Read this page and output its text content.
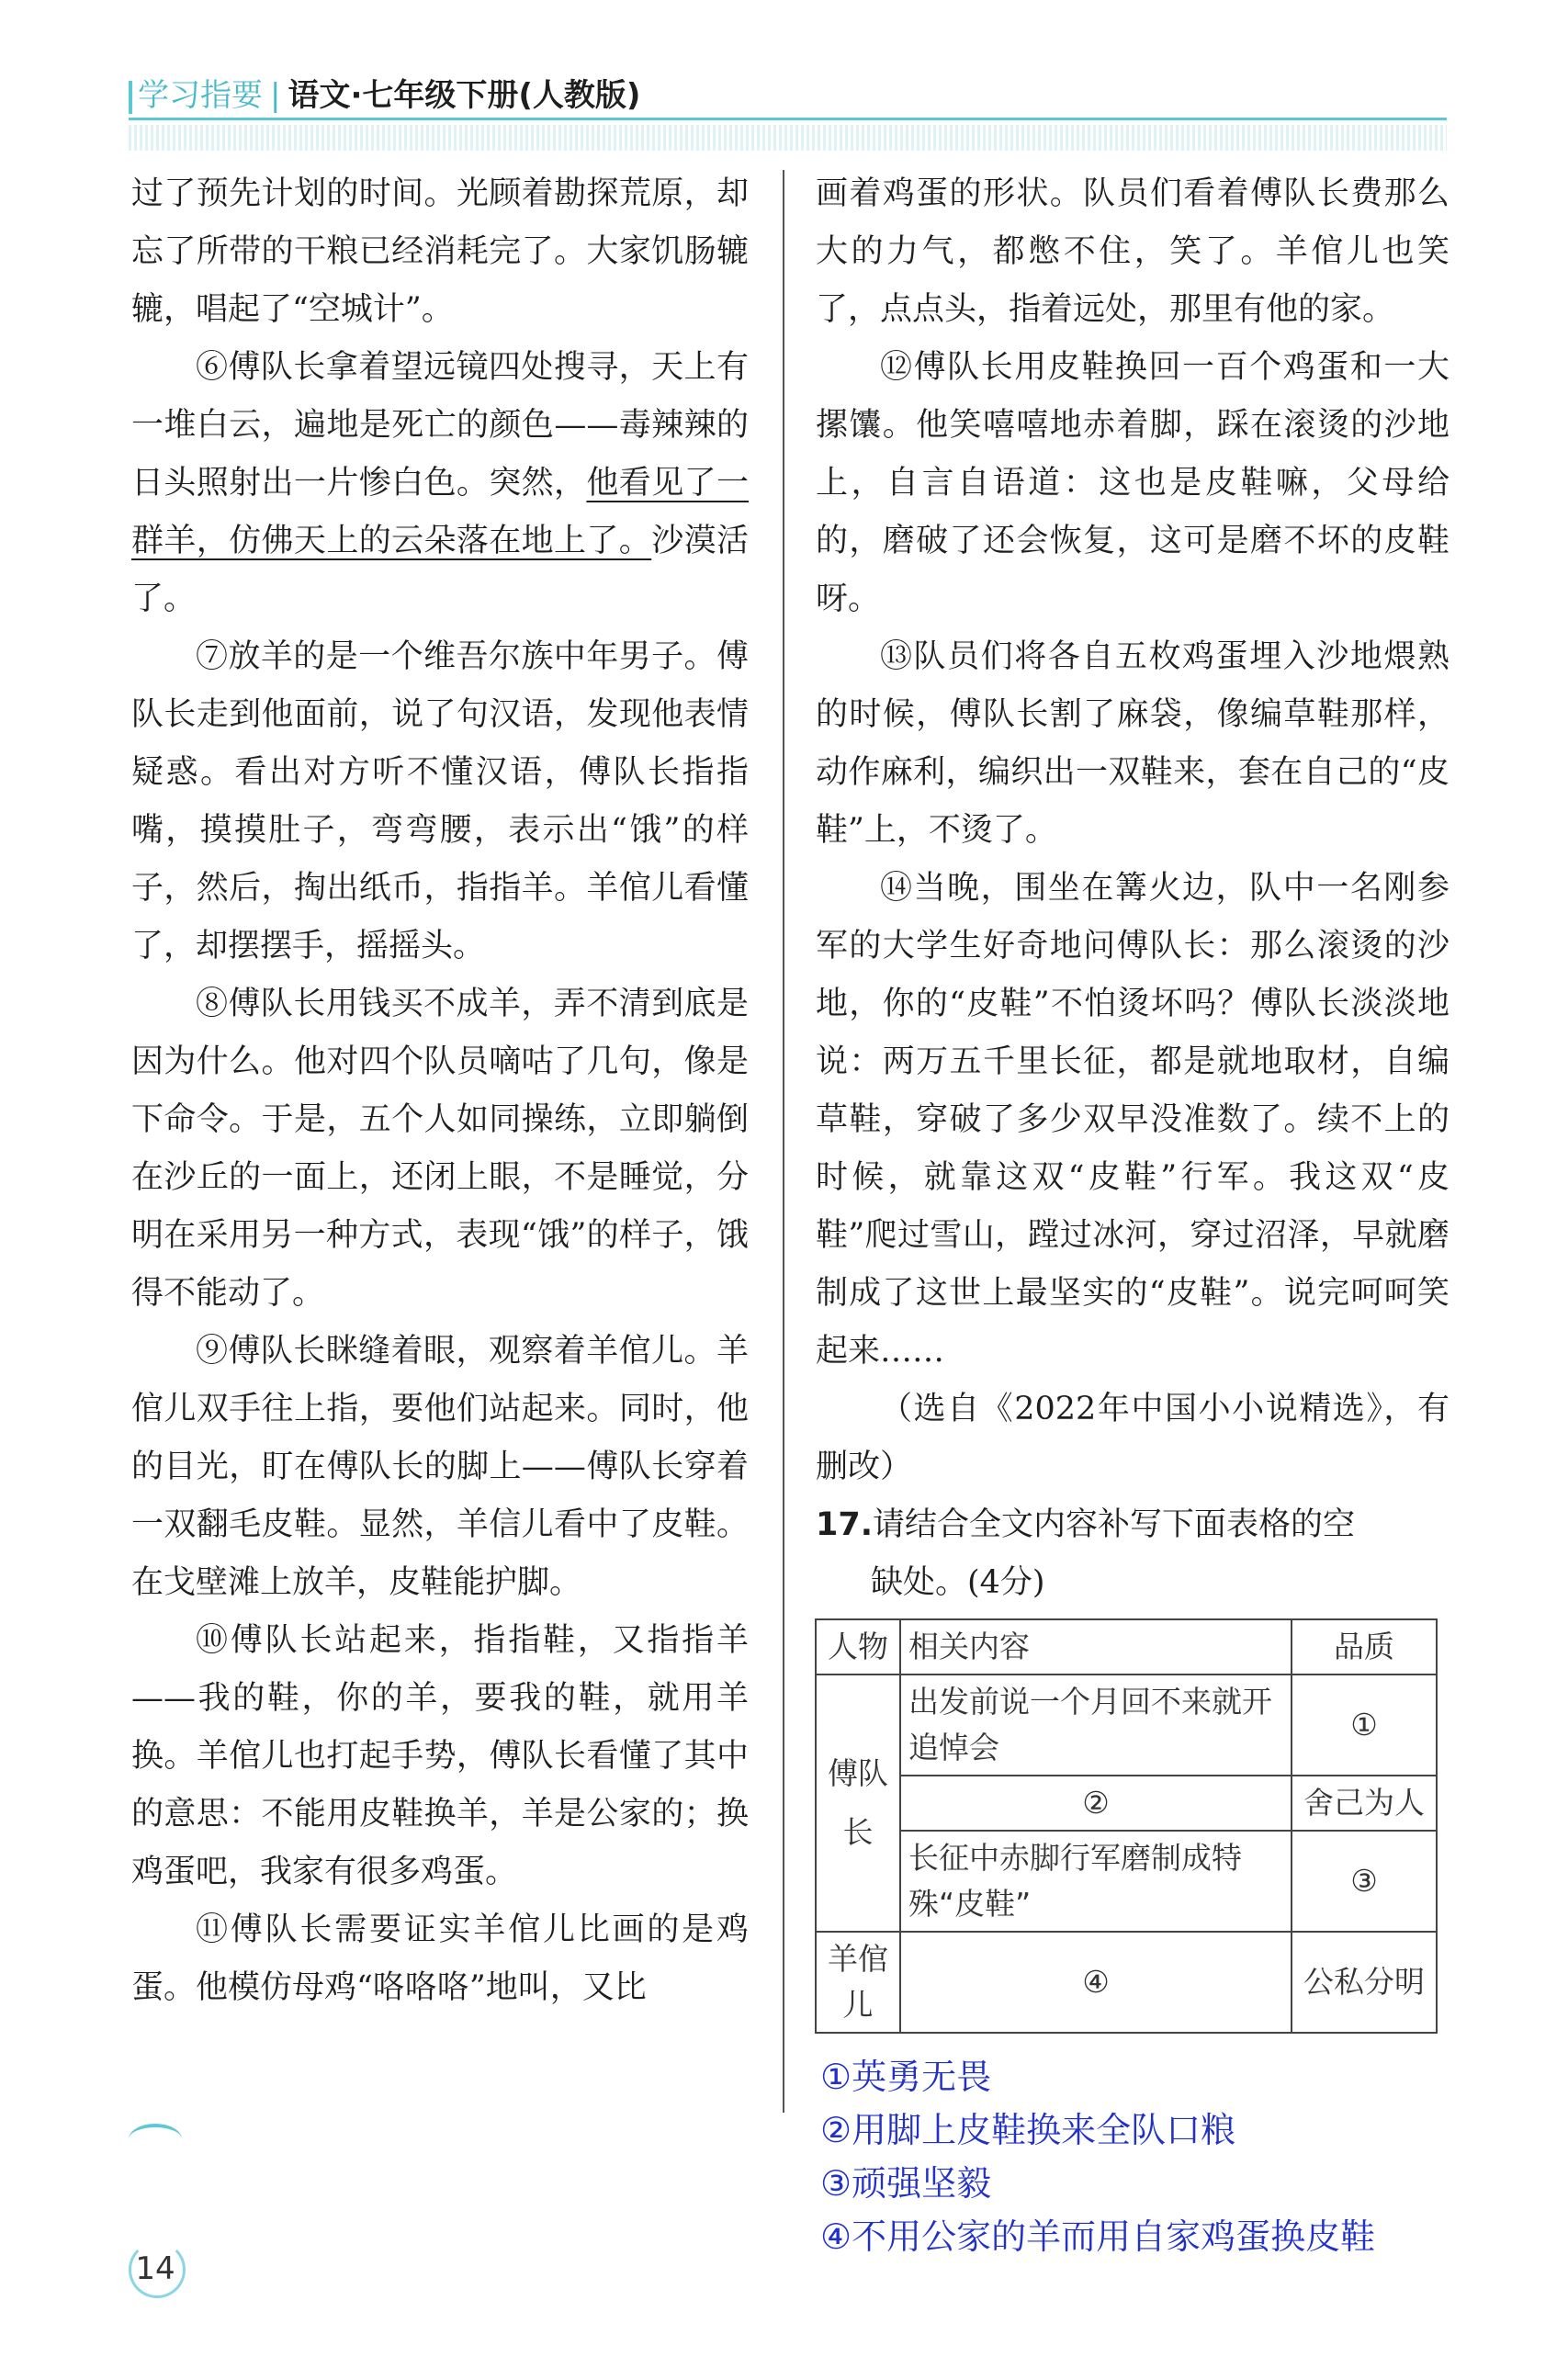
学习指要 | 语文·七年级下册(人教版)

过了预先计划的时间。光顾着勘探荒原，却忘了所带的干粮已经消耗完了。大家饥肠辘辘，唱起了“空城计”。

⑥傅队长拿着望远镜四处搜寻，天上有一堆白云，遍地是死亡的颜色——毒辣辣的日头照射出一片惨白色。突然，他看见了一群羊，仿佛天上的云朵落在地上了。沙漠活了。

⑦放羊的是一个维吾尔族中年男子。傅队长走到他面前，说了句汉语，发现他表情疑惑。看出对方听不懂汉语，傅队长指指嘴，摸摸肚子，弯弯腰，表示出“饿”的样子，然后，掏出纸币，指指羊。羊倌儿看懂了，却摆摆手，摇摇头。

⑧傅队长用钱买不成羊，弄不清到底是因为什么。他对四个队员嘀咕了几句，像是下命令。于是，五个人如同操练，立即躺倒在沙丘的一面上，还闭上眼，不是睡觉，分明在采用另一种方式，表现“饿”的样子，饿得不能动了。

⑨傅队长眯缝着眼，观察着羊倌儿。羊倌儿双手往上指，要他们站起来。同时，他的目光，盯在傅队长的脚上——傅队长穿着一双翻毛皮鞋。显然，羊信儿看中了皮鞋。在戈壁滩上放羊，皮鞋能护脚。

⑩傅队长站起来，指指鞋，又指指羊——我的鞋，你的羊，要我的鞋，就用羊换。羊倌儿也打起手势，傅队长看懂了其中的意思：不能用皮鞋换羊，羊是公家的；换鸡蛋吧，我家有很多鸡蛋。

⑪傅队长需要证实羊倌儿比画的是鸡蛋。他模仿母鸡“咯咯咯”地叫，又比

画着鸡蛋的形状。队员们看着傅队长费那么大的力气，都憋不住，笑了。羊倌儿也笑了，点点头，指着远处，那里有他的家。

⑫傅队长用皮鞋换回一百个鸡蛋和一大摞馕。他笑嘻嘻地赤着脚，踩在滚烫的沙地上，自言自语道：这也是皮鞋嘛，父母给的，磨破了还会恢复，这可是磨不坏的皮鞋呀。

⑬队员们将各自五枚鸡蛋埋入沙地煨熟的时候，傅队长割了麻袋，像编草鞋那样，动作麻利，编织出一双鞋来，套在自己的“皮鞋”上，不烫了。

⑭当晚，围坐在篝火边，队中一名刚参军的大学生好奇地问傅队长：那么滚烫的沙地，你的“皮鞋”不怕烫坏吗？傅队长淡淡地说：两万五千里长征，都是就地取材，自编草鞋，穿破了多少双早没准数了。续不上的时候，就靠这双“皮鞋”行军。我这双“皮鞋”爬过雪山，蹚过冰河，穿过沼泽，早就磨制成了这世上最坚实的“皮鞋”。说完呵呵笑起来……

（选自《2022年中国小小说精选》，有删改）

17.请结合全文内容补写下面表格的空

缺处。(4分)

人物	相关内容	品质
傅队长	出发前说一个月回不来就开追悼会	①
	②	舍己为人
	长征中赤脚行军磨制成特殊“皮鞋”	③
羊倌儿	④	公私分明
①英勇无畏
②用脚上皮鞋换来全队口粮
③顽强坚毅
④不用公家的羊而用自家鸡蛋换皮鞋
14
